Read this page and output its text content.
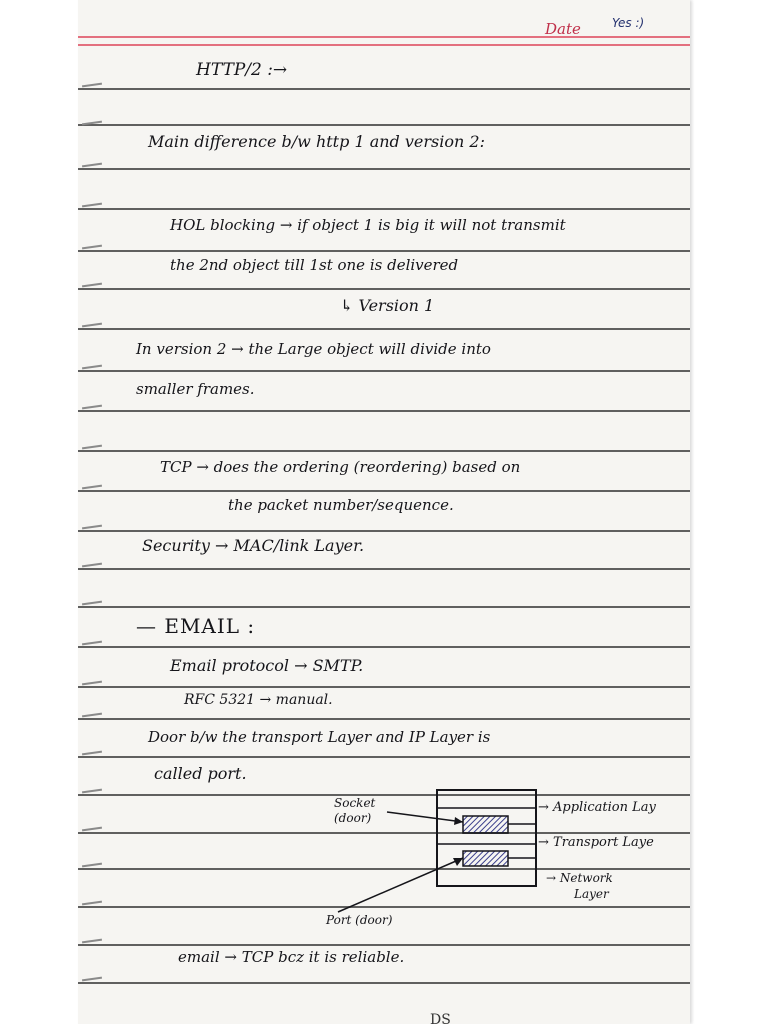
Date	Yes :)
HTTP/2 :→
Main difference b/w http 1 and version 2:
HOL blocking → if object 1 is big it will not transmit
the 2nd object till 1st one is delivered
↳ Version 1
In version 2 → the Large object will divide into
smaller frames.
TCP → does the ordering (reordering) based on
the packet number/sequence.
Security → MAC/link Layer.
— EMAIL :
Email protocol → SMTP.
RFC 5321 → manual.
Door b/w the transport Layer and IP Layer is
called port.
Socket
(door)
Port (door)
→ Application Lay
→ Transport Laye
→ Network
Layer
email → TCP bcz it is reliable.
DS
